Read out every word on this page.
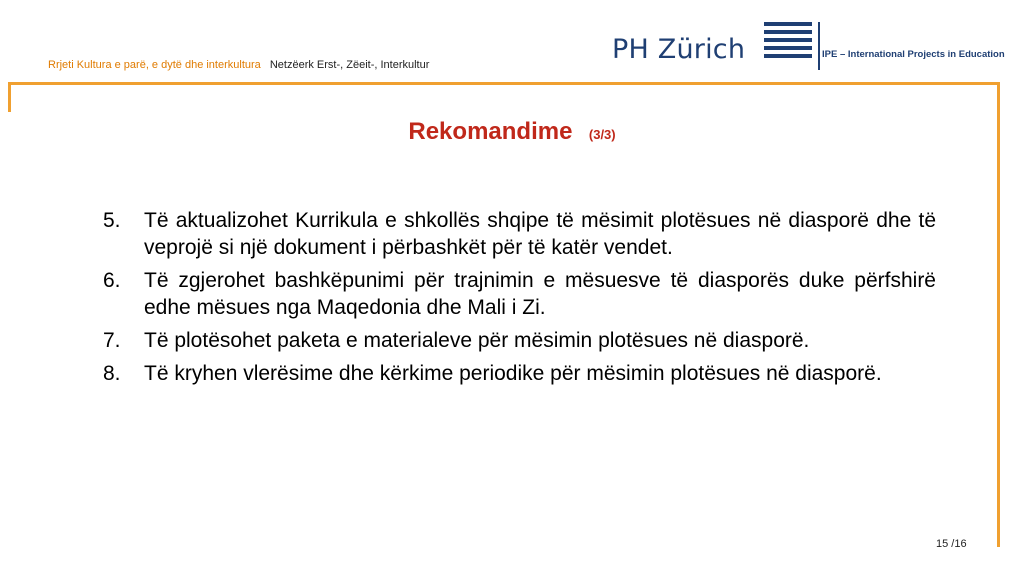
Rrjeti Kultura e parë, e dytë dhe interkultura Netzëerk Erst-, Zëeit-, Interkultur	PH Zürich	IPE – International Projects in Education
Rekomandime (3/3)
5.	Të aktualizohet Kurrikula e shkollës shqipe të mësimit plotësues në diasporë dhe të veprojë si një dokument i përbashkët për të katër vendet.
6.	Të zgjerohet bashkëpunimi për trajnimin e mësuesve të diasporës duke përfshirë edhe mësues nga Maqedonia dhe Mali i Zi.
7.	Të plotësohet paketa e materialeve për mësimin plotësues në diasporë.
8.	Të kryhen vlerësime dhe kërkime periodike për mësimin plotësues në diasporë.
15 /16
